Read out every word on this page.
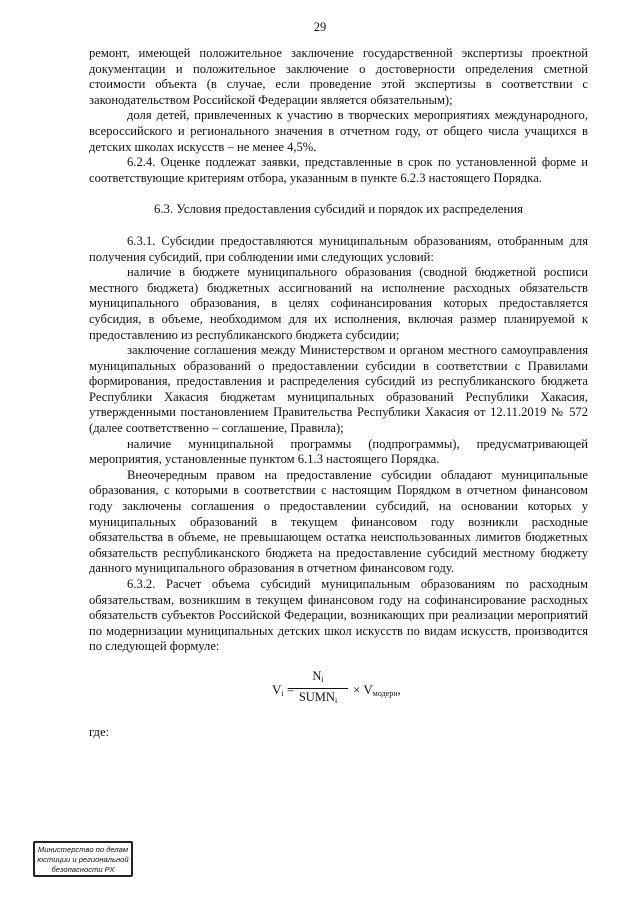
29

ремонт, имеющей положительное заключение государственной экспертизы проектной документации и положительное заключение о достоверности определения сметной стоимости объекта (в случае, если проведение этой экспертизы в соответствии с законодательством Российской Федерации является обязательным);

доля детей, привлеченных к участию в творческих мероприятиях международного, всероссийского и регионального значения в отчетном году, от общего числа учащихся в детских школах искусств – не менее 4,5%.

6.2.4. Оценке подлежат заявки, представленные в срок по установленной форме и соответствующие критериям отбора, указанным в пункте 6.2.3 настоящего Порядка.

6.3. Условия предоставления субсидий и порядок их распределения

6.3.1. Субсидии предоставляются муниципальным образованиям, отобранным для получения субсидий, при соблюдении ими следующих условий:

наличие в бюджете муниципального образования (сводной бюджетной росписи местного бюджета) бюджетных ассигнований на исполнение расходных обязательств муниципального образования, в целях софинансирования которых предоставляется субсидия, в объеме, необходимом для их исполнения, включая размер планируемой к предоставлению из республиканского бюджета субсидии;

заключение соглашения между Министерством и органом местного самоуправления муниципальных образований о предоставлении субсидии в соответствии с Правилами формирования, предоставления и распределения субсидий из республиканского бюджета Республики Хакасия бюджетам муниципальных образований Республики Хакасия, утвержденными постановлением Правительства Республики Хакасия от 12.11.2019 № 572 (далее соответственно – соглашение, Правила);

наличие муниципальной программы (подпрограммы), предусматривающей мероприятия, установленные пунктом 6.1.3 настоящего Порядка.

Внеочередным правом на предоставление субсидии обладают муниципальные образования, с которыми в соответствии с настоящим Порядком в отчетном финансовом году заключены соглашения о предоставлении субсидий, на основании которых у муниципальных образований в текущем финансовом году возникли расходные обязательства в объеме, не превышающем остатка неиспользованных лимитов бюджетных обязательств республиканского бюджета на предоставление субсидий местному бюджету данного муниципального образования в отчетном финансовом году.

6.3.2. Расчет объема субсидий муниципальным образованиям по расходным обязательствам, возникшим в текущем финансовом году на софинансирование расходных обязательств субъектов Российской Федерации, возникающих при реализации мероприятий по модернизации муниципальных детских школ искусств по видам искусств, производится по следующей формуле:

$V_i$ =
$N_i$
$SUMN_i$
× $V_{модерн}$,

где:

Министерство по делам
юстиции и региональной
безопасности РХ
